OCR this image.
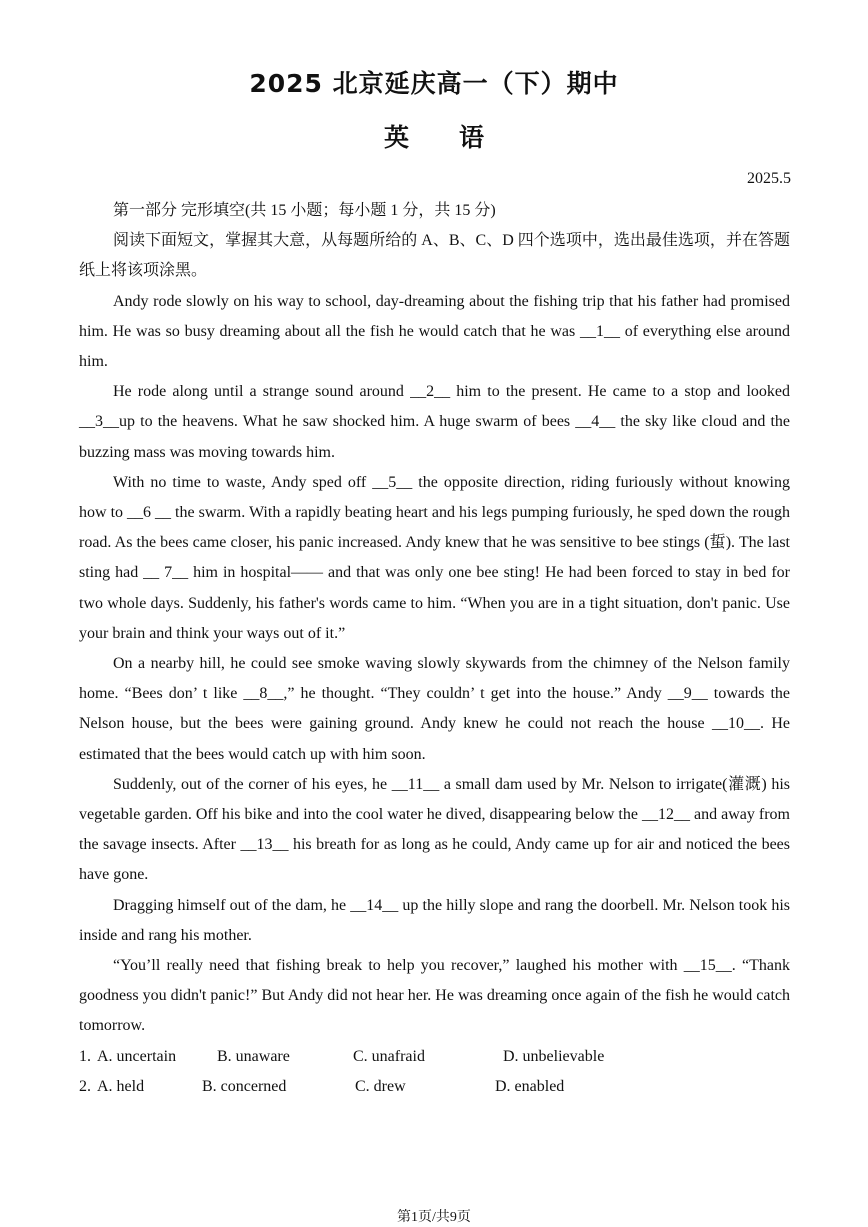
2025 北京延庆高一（下）期中
英语
2025.5

第一部分 完形填空(共 15 小题；每小题 1 分，共 15 分)

阅读下面短文，掌握其大意，从每题所给的 A、B、C、D 四个选项中，选出最佳选项，并在答题纸上将该项涂黑。

Andy rode slowly on his way to school, day-dreaming about the fishing trip that his father had promised him. He was so busy dreaming about all the fish he would catch that he was __1__ of everything else around him.

He rode along until a strange sound around __2__ him to the present. He came to a stop and looked __3__up to the heavens. What he saw shocked him. A huge swarm of bees __4__ the sky like cloud and the buzzing mass was moving towards him.

With no time to waste, Andy sped off __5__ the opposite direction, riding furiously without knowing how to __6 __ the swarm. With a rapidly beating heart and his legs pumping furiously, he sped down the rough road. As the bees came closer, his panic increased. Andy knew that he was sensitive to bee stings (蜇). The last sting had __ 7__ him in hospital—— and that was only one bee sting! He had been forced to stay in bed for two whole days. Suddenly, his father's words came to him. “When you are in a tight situation, don't panic. Use your brain and think your ways out of it.”

On a nearby hill, he could see smoke waving slowly skywards from the chimney of the Nelson family home. “Bees don’ t like __8__,” he thought. “They couldn’ t get into the house.” Andy __9__ towards the Nelson house, but the bees were gaining ground. Andy knew he could not reach the house __10__. He estimated that the bees would catch up with him soon.

Suddenly, out of the corner of his eyes, he __11__ a small dam used by Mr. Nelson to irrigate(灌溉) his vegetable garden. Off his bike and into the cool water he dived, disappearing below the __12__ and away from the savage insects. After __13__ his breath for as long as he could, Andy came up for air and noticed the bees have gone.

Dragging himself out of the dam, he __14__ up the hilly slope and rang the doorbell. Mr. Nelson took his inside and rang his mother.

“You’ll really need that fishing break to help you recover,” laughed his mother with __15__. “Thank goodness you didn't panic!” But Andy did not hear her. He was dreaming once again of the fish he would catch tomorrow.

1. A. uncertain	B. unaware	C. unafraid	D. unbelievable
2. A. held	B. concerned	C. drew	D. enabled
第1页/共9页
